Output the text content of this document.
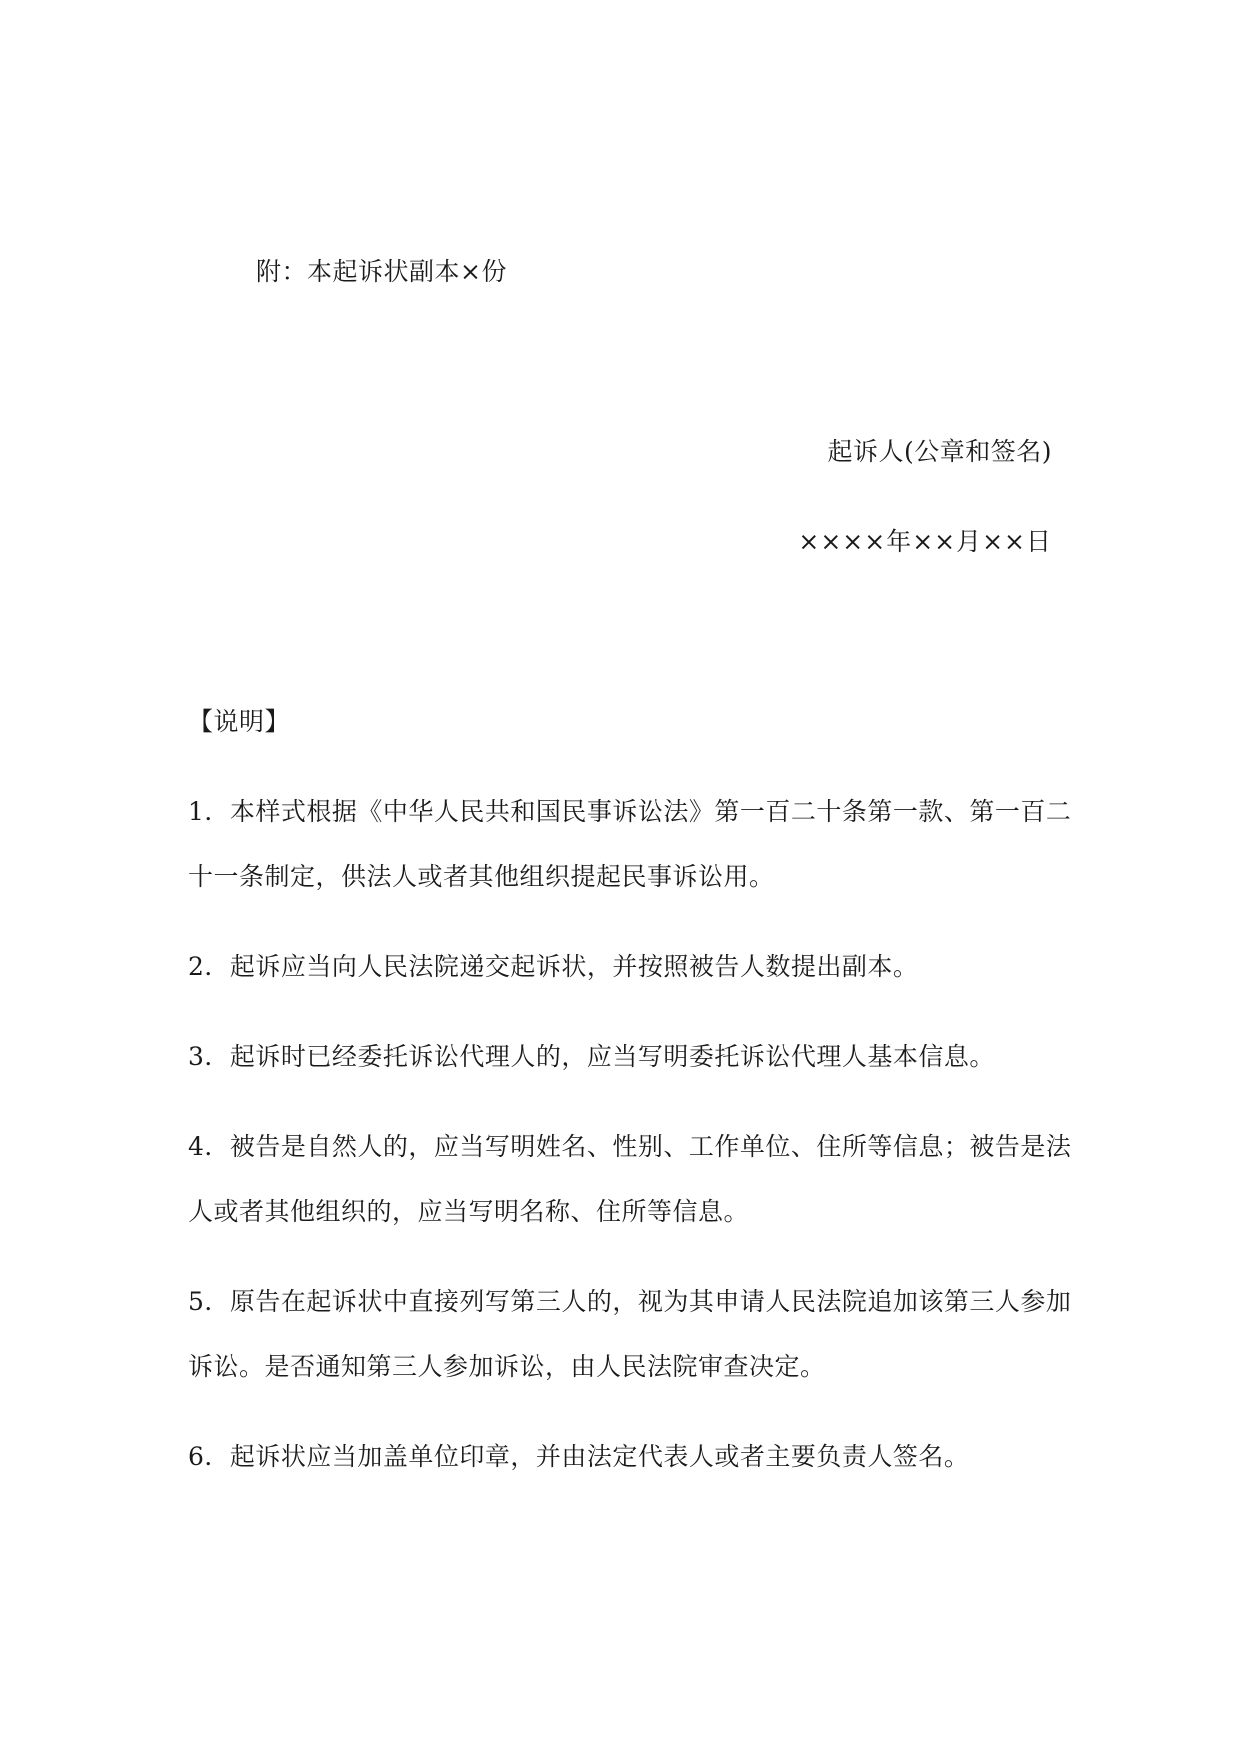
附：本起诉状副本×份
起诉人(公章和签名)
××××年××月××日
【说明】
1．本样式根据《中华人民共和国民事诉讼法》第一百二十条第一款、第一百二
十一条制定，供法人或者其他组织提起民事诉讼用。
2．起诉应当向人民法院递交起诉状，并按照被告人数提出副本。
3．起诉时已经委托诉讼代理人的，应当写明委托诉讼代理人基本信息。
4．被告是自然人的，应当写明姓名、性别、工作单位、住所等信息；被告是法
人或者其他组织的，应当写明名称、住所等信息。
5．原告在起诉状中直接列写第三人的，视为其申请人民法院追加该第三人参加
诉讼。是否通知第三人参加诉讼，由人民法院审查决定。
6．起诉状应当加盖单位印章，并由法定代表人或者主要负责人签名。
